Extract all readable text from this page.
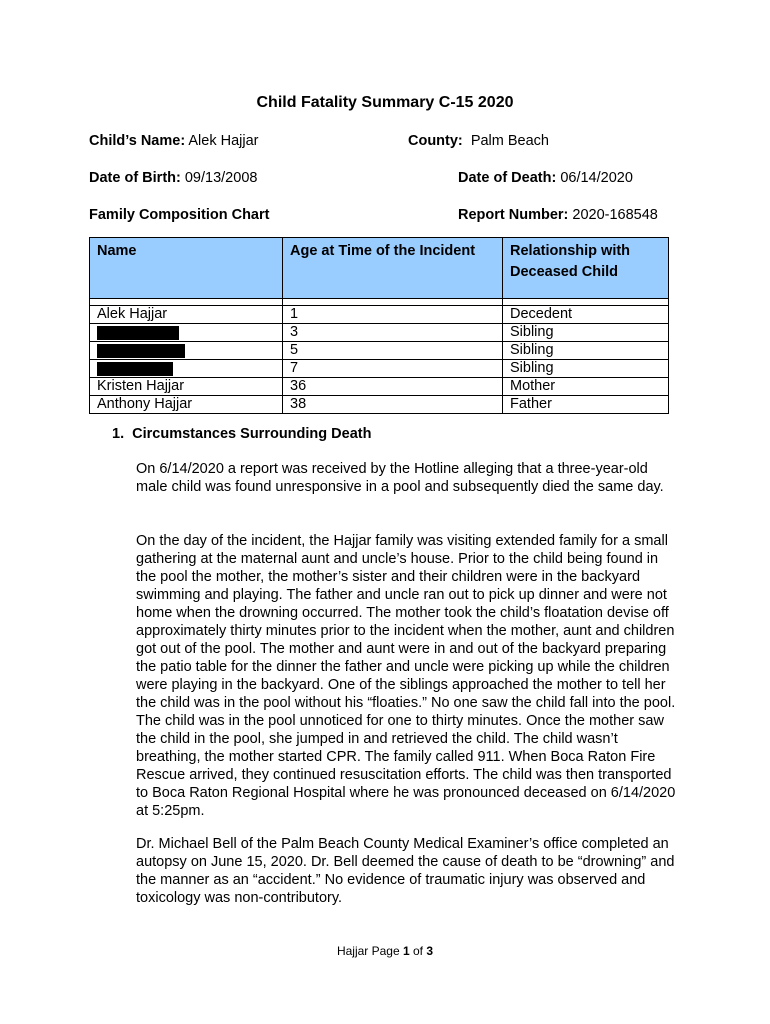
Child Fatality Summary C-15 2020
Child’s Name: Alek Hajjar	County:  Palm Beach
Date of Birth: 09/13/2008	Date of Death: 06/14/2020
Family Composition Chart	Report Number: 2020-168548
Name	Age at Time of the Incident	Relationship with Deceased Child

Alek Hajjar	1	Decedent
	3	Sibling
	5	Sibling
	7	Sibling
Kristen Hajjar	36	Mother
Anthony Hajjar	38	Father
1.  Circumstances Surrounding Death
On 6/14/2020 a report was received by the Hotline alleging that a three-year-old male child was found unresponsive in a pool and subsequently died the same day.
On the day of the incident, the Hajjar family was visiting extended family for a small gathering at the maternal aunt and uncle’s house. Prior to the child being found in the pool the mother, the mother’s sister and their children were in the backyard swimming and playing. The father and uncle ran out to pick up dinner and were not home when the drowning occurred. The mother took the child’s floatation devise off approximately thirty minutes prior to the incident when the mother, aunt and children got out of the pool. The mother and aunt were in and out of the backyard preparing the patio table for the dinner the father and uncle were picking up while the children were playing in the backyard. One of the siblings approached the mother to tell her the child was in the pool without his “floaties.” No one saw the child fall into the pool. The child was in the pool unnoticed for one to thirty minutes. Once the mother saw the child in the pool, she jumped in and retrieved the child. The child wasn’t breathing, the mother started CPR. The family called 911. When Boca Raton Fire Rescue arrived, they continued resuscitation efforts. The child was then transported to Boca Raton Regional Hospital where he was pronounced deceased on 6/14/2020 at 5:25pm.
Dr. Michael Bell of the Palm Beach County Medical Examiner’s office completed an autopsy on June 15, 2020. Dr. Bell deemed the cause of death to be “drowning” and the manner as an “accident.” No evidence of traumatic injury was observed and toxicology was non-contributory.
Hajjar Page 1 of 3
